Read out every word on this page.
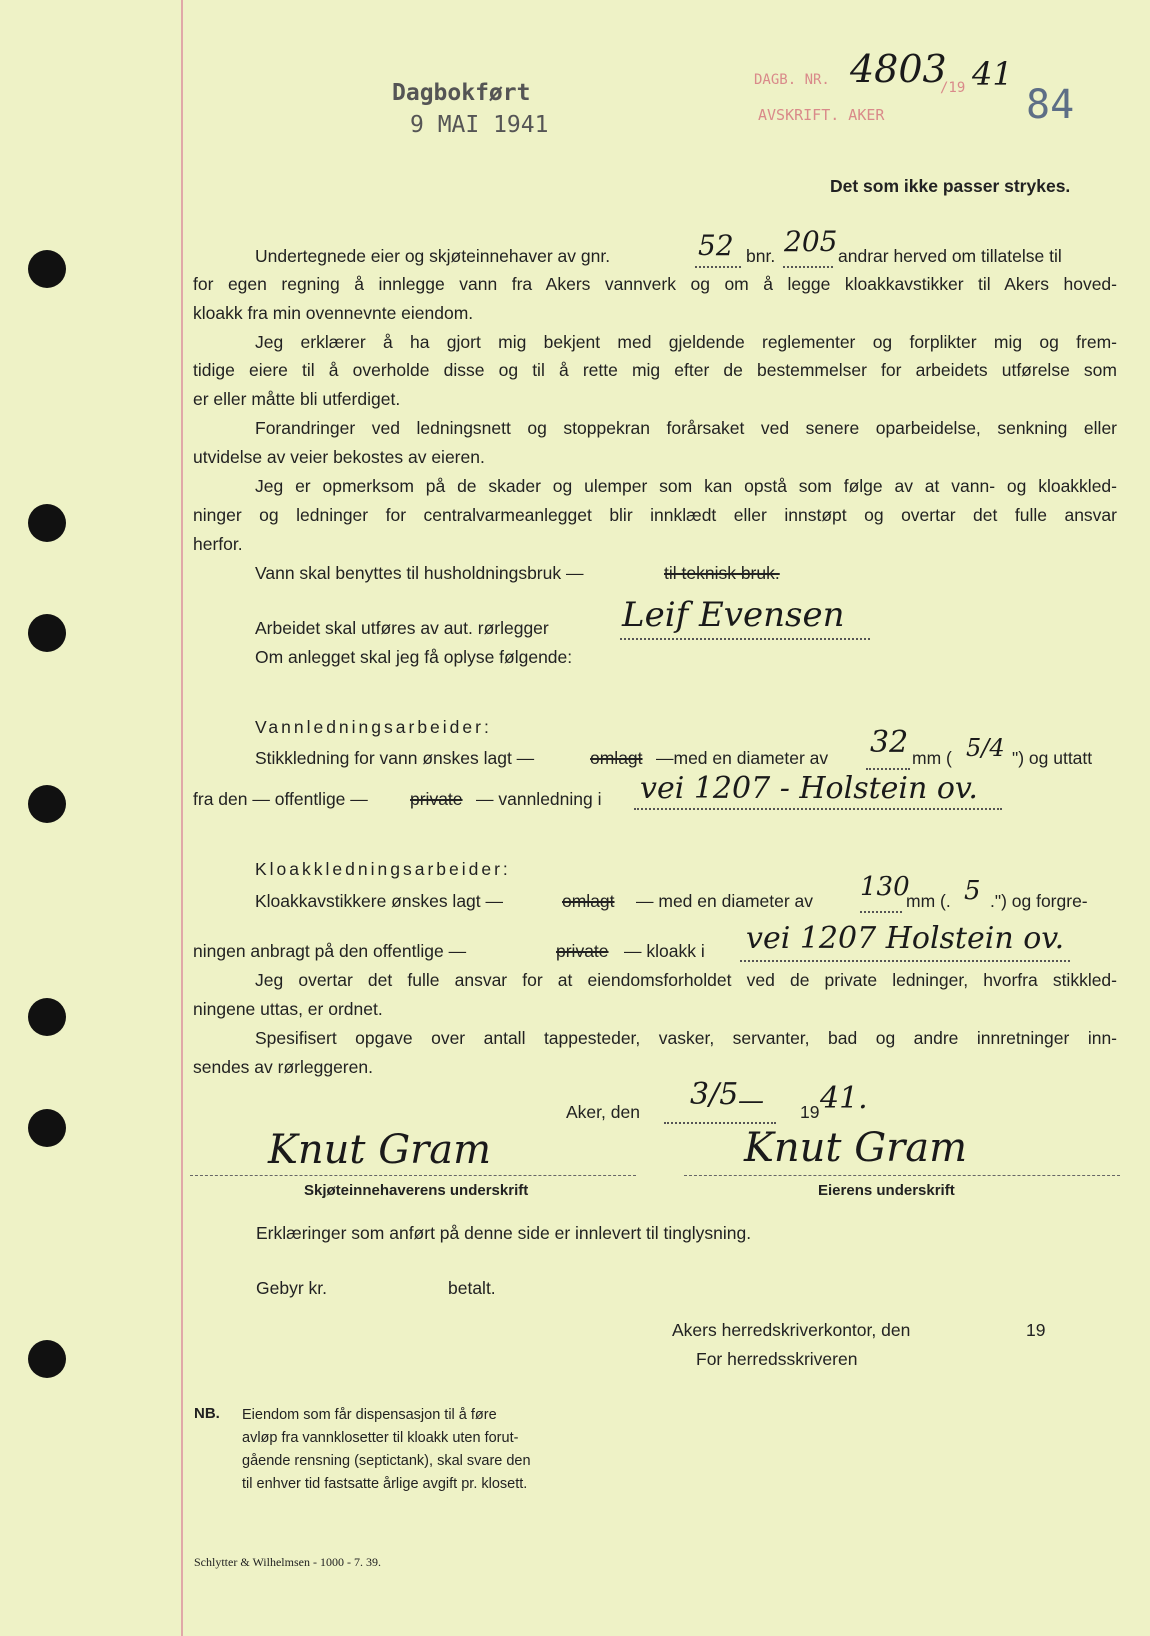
Dagbokført
9 MAI 1941
DAGB. NR. 4803
/19 41
AVSKRIFT. AKER	84
Det som ikke passer strykes.
Undertegnede eier og skjøteinnehaver av gnr.	52 bnr. 205 andrar herved om tillatelse til
for egen regning å innlegge vann fra Akers vannverk og om å legge kloakkavstikker til Akers hoved-
kloakk fra min ovennevnte eiendom.
Jeg erklærer å ha gjort mig bekjent med gjeldende reglementer og forplikter mig og frem-
tidige eiere til å overholde disse og til å rette mig efter de bestemmelser for arbeidets utførelse som
er eller måtte bli utferdiget.
Forandringer ved ledningsnett og stoppekran forårsaket ved senere oparbeidelse, senkning eller
utvidelse av veier bekostes av eieren.
Jeg er opmerksom på de skader og ulemper som kan opstå som følge av at vann- og kloakkled-
ninger og ledninger for centralvarmeanlegget blir innklædt eller innstøpt og overtar det fulle ansvar
herfor.
Vann skal benyttes til husholdningsbruk —	til teknisk bruk.
Arbeidet skal utføres av aut. rørlegger Leif Evensen
Om anlegget skal jeg få oplyse følgende:
Vannledningsarbeider:
Stikkledning for vann ønskes lagt —	omlagt —med en diameter av 32 mm ( 5/4 ") og uttatt
fra den — offentlige — private — vannledning i vei 1207 - Holstein ov.
Kloakkledningsarbeider:
Kloakkavstikkere ønskes lagt —	omlagt — med en diameter av 130
mm (. 5 .") og forgre-
ningen anbragt på den offentlige —	private — kloakk i vei 1207 Holstein ov.
Jeg overtar det fulle ansvar for at eiendomsforholdet ved de private ledninger, hvorfra stikkled-
ningene uttas, er ordnet.
Spesifisert opgave over antall tappesteder, vasker, servanter, bad og andre innretninger inn-
sendes av rørleggeren.
Aker, den 3/5 — 19 41.
Knut Gram	Knut Gram
Skjøteinnehaverens underskrift	Eierens underskrift
Erklæringer som anført på denne side er innlevert til tinglysning.
Gebyr kr.	betalt.
Akers herredskriverkontor, den	19
For herredsskriveren
NB. Eiendom som får dispensasjon til å føre
avløp fra vannklosetter til kloakk uten forut-
gående rensning (septictank), skal svare den
til enhver tid fastsatte årlige avgift pr. klosett.
Schlytter & Wilhelmsen - 1000 - 7. 39.
